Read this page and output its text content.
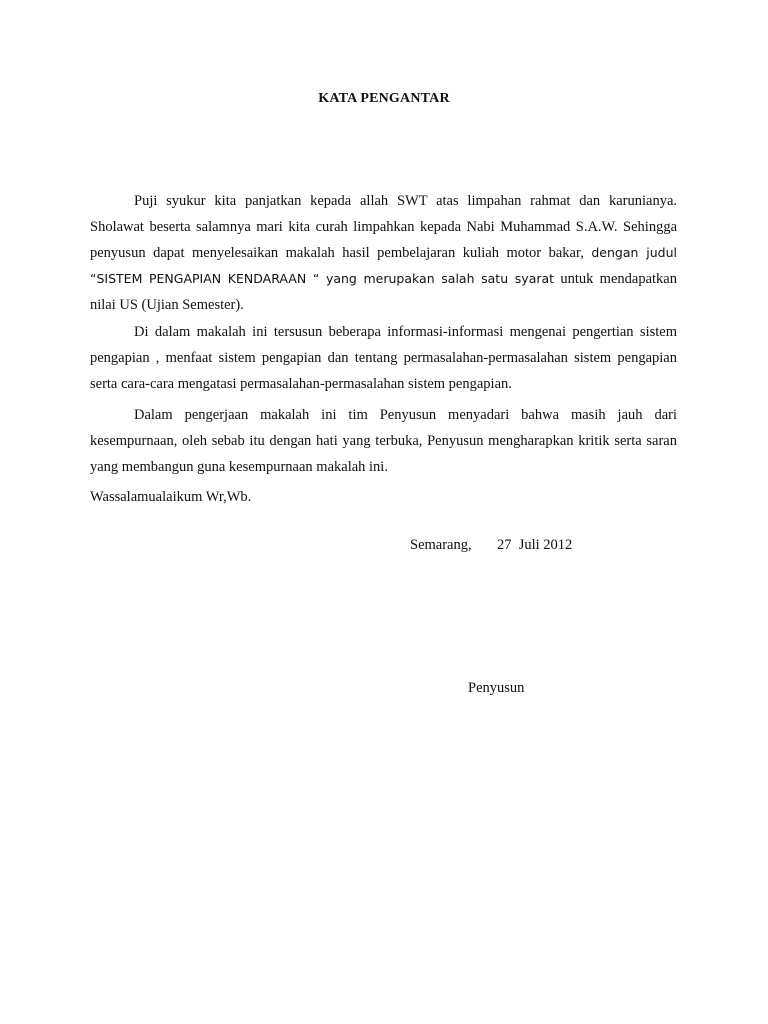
KATA PENGANTAR
Puji syukur kita panjatkan kepada allah SWT atas limpahan rahmat dan karunianya. Sholawat beserta salamnya mari kita curah limpahkan kepada Nabi Muhammad S.A.W. Sehingga penyusun dapat menyelesaikan makalah hasil pembelajaran kuliah motor bakar, dengan judul “SISTEM PENGAPIAN KENDARAAN “ yang merupakan salah satu syarat untuk mendapatkan nilai US (Ujian Semester).
Di dalam makalah ini tersusun beberapa informasi-informasi mengenai pengertian sistem pengapian , menfaat sistem pengapian dan tentang permasalahan-permasalahan sistem pengapian serta cara-cara mengatasi permasalahan-permasalahan sistem pengapian.
Dalam pengerjaan makalah ini tim Penyusun menyadari bahwa masih jauh dari kesempurnaan, oleh sebab itu dengan hati yang terbuka, Penyusun mengharapkan kritik serta saran yang membangun guna kesempurnaan makalah ini.
Wassalamualaikum Wr,Wb.
Semarang, 27  Juli 2012
Penyusun
